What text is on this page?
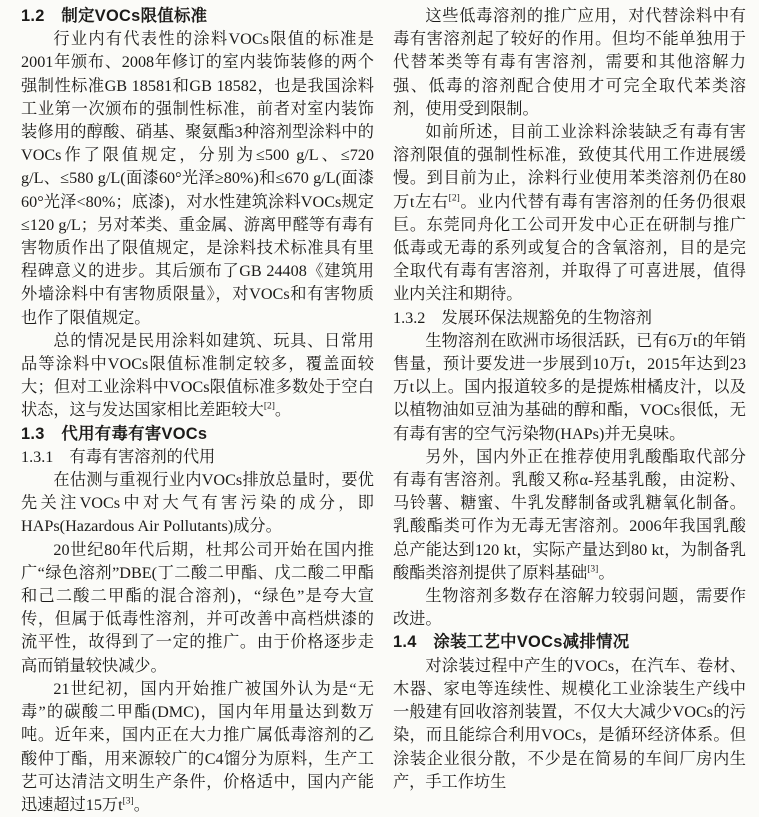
1.2　制定VOCs限值标准

行业内有代表性的涂料VOCs限值的标准是2001年颁布、2008年修订的室内装饰装修的两个强制性标准GB 18581和GB 18582，也是我国涂料工业第一次颁布的强制性标准，前者对室内装饰装修用的醇酸、硝基、聚氨酯3种溶剂型涂料中的VOCs作了限值规定，分别为≤500 g/L、≤720 g/L、≤580 g/L(面漆60°光泽≥80%)和≤670 g/L(面漆60°光泽<80%；底漆)，对水性建筑涂料VOCs规定≤120 g/L；另对苯类、重金属、游离甲醛等有毒有害物质作出了限值规定，是涂料技术标准具有里程碑意义的进步。其后颁布了GB 24408《建筑用外墙涂料中有害物质限量》，对VOCs和有害物质也作了限值规定。

总的情况是民用涂料如建筑、玩具、日常用品等涂料中VOCs限值标准制定较多，覆盖面较大；但对工业涂料中VOCs限值标准多数处于空白状态，这与发达国家相比差距较大[2]。

1.3　代用有毒有害VOCs
1.3.1　有毒有害溶剂的代用

在估测与重视行业内VOCs排放总量时，要优先关注VOCs中对大气有害污染的成分，即HAPs(Hazardous Air Pollutants)成分。

20世纪80年代后期，杜邦公司开始在国内推广“绿色溶剂”DBE(丁二酸二甲酯、戊二酸二甲酯和己二酸二甲酯的混合溶剂)，“绿色”是夸大宣传，但属于低毒性溶剂，并可改善中高档烘漆的流平性，故得到了一定的推广。由于价格逐步走高而销量较快减少。

21世纪初，国内开始推广被国外认为是“无毒”的碳酸二甲酯(DMC)，国内年用量达到数万吨。近年来，国内正在大力推广属低毒溶剂的乙酸仲丁酯，用来源较广的C4馏分为原料，生产工艺可达清洁文明生产条件，价格适中，国内产能迅速超过15万t[3]。

这些低毒溶剂的推广应用，对代替涂料中有毒有害溶剂起了较好的作用。但均不能单独用于代替苯类等有毒有害溶剂，需要和其他溶解力强、低毒的溶剂配合使用才可完全取代苯类溶剂，使用受到限制。

如前所述，目前工业涂料涂装缺乏有毒有害溶剂限值的强制性标准，致使其代用工作进展缓慢。到目前为止，涂料行业使用苯类溶剂仍在80万t左右[2]。业内代替有毒有害溶剂的任务仍很艰巨。东莞同舟化工公司开发中心正在研制与推广低毒或无毒的系列或复合的含氧溶剂，目的是完全取代有毒有害溶剂，并取得了可喜进展，值得业内关注和期待。

1.3.2　发展环保法规豁免的生物溶剂

生物溶剂在欧洲市场很活跃，已有6万t的年销售量，预计要发进一步展到10万t，2015年达到23万t以上。国内报道较多的是提炼柑橘皮汁，以及以植物油如豆油为基础的醇和酯，VOCs很低，无有毒有害的空气污染物(HAPs)并无臭味。

另外，国内外正在推荐使用乳酸酯取代部分有毒有害溶剂。乳酸又称α-羟基乳酸，由淀粉、马铃薯、糖蜜、牛乳发酵制备或乳糖氧化制备。乳酸酯类可作为无毒无害溶剂。2006年我国乳酸总产能达到120 kt，实际产量达到80 kt，为制备乳酸酯类溶剂提供了原料基础[3]。

生物溶剂多数存在溶解力较弱问题，需要作改进。

1.4　涂装工艺中VOCs减排情况

对涂装过程中产生的VOCs，在汽车、卷材、木器、家电等连续性、规模化工业涂装生产线中一般建有回收溶剂装置，不仅大大减少VOCs的污染，而且能综合利用VOCs，是循环经济体系。但涂装企业很分散，不少是在简易的车间厂房内生产，手工作坊生
